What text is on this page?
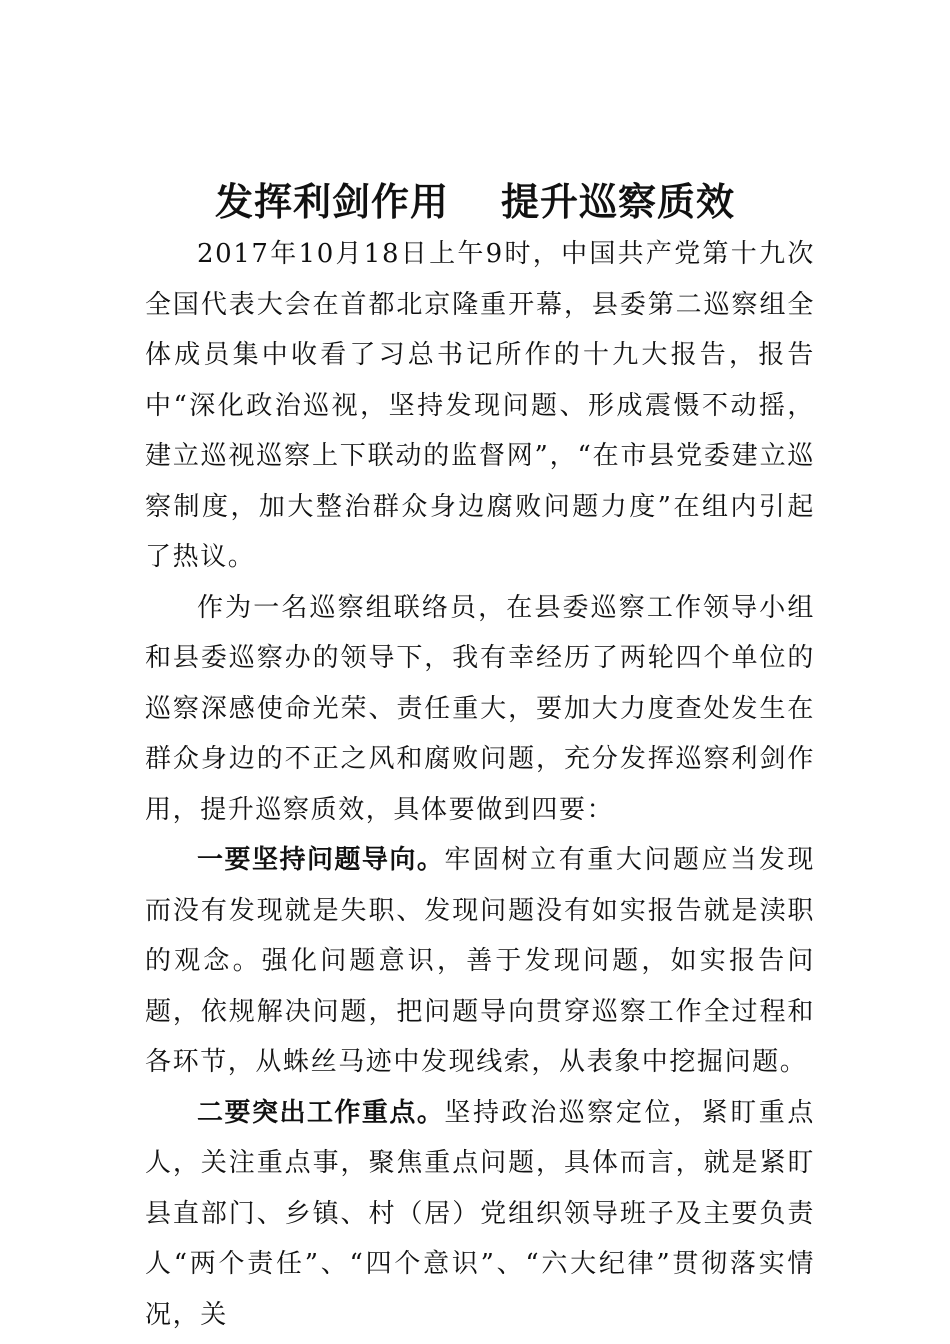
发挥利剑作用 提升巡察质效

2017年10月18日上午9时，中国共产党第十九次全国代表大会在首都北京隆重开幕，县委第二巡察组全体成员集中收看了习总书记所作的十九大报告，报告中“深化政治巡视，坚持发现问题、形成震慑不动摇，建立巡视巡察上下联动的监督网”，“在市县党委建立巡察制度，加大整治群众身边腐败问题力度”在组内引起了热议。

作为一名巡察组联络员，在县委巡察工作领导小组和县委巡察办的领导下，我有幸经历了两轮四个单位的巡察深感使命光荣、责任重大，要加大力度查处发生在群众身边的不正之风和腐败问题，充分发挥巡察利剑作用，提升巡察质效，具体要做到四要：

一要坚持问题导向。牢固树立有重大问题应当发现而没有发现就是失职、发现问题没有如实报告就是渎职的观念。强化问题意识，善于发现问题，如实报告问题，依规解决问题，把问题导向贯穿巡察工作全过程和各环节，从蛛丝马迹中发现线索，从表象中挖掘问题。

二要突出工作重点。坚持政治巡察定位，紧盯重点人，关注重点事，聚焦重点问题，具体而言，就是紧盯县直部门、乡镇、村（居）党组织领导班子及主要负责人“两个责任”、“四个意识”、“六大纪律”贯彻落实情况，关
